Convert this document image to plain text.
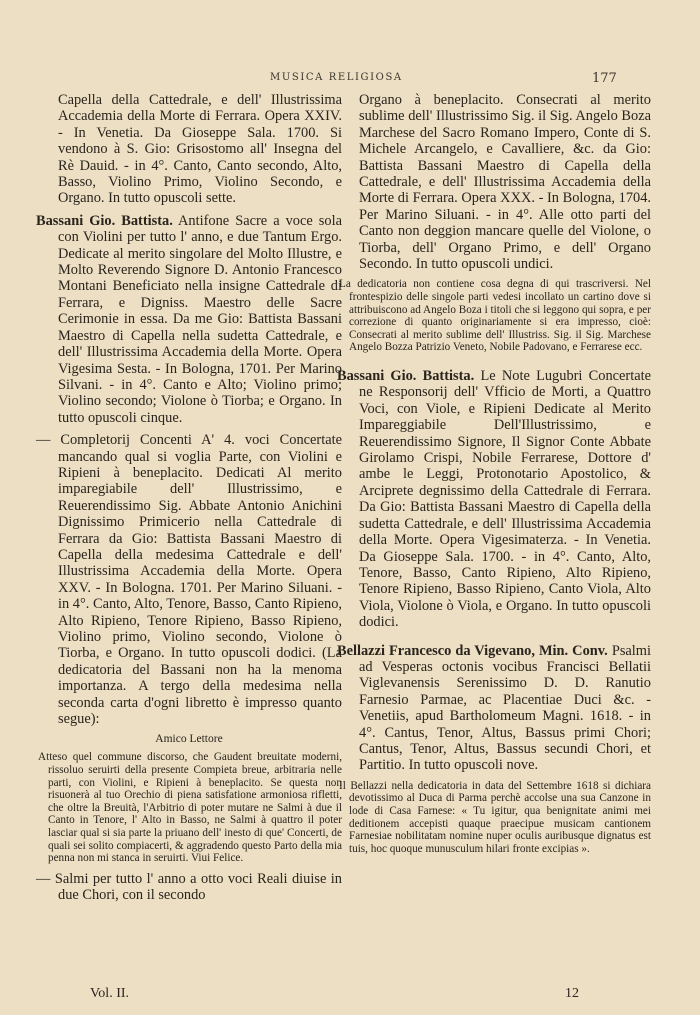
MUSICA RELIGIOSA	177

Capella della Cattedrale, e dell' Illustrissima Accademia della Morte di Ferrara. Opera XXIV. - In Venetia. Da Gioseppe Sala. 1700. Si vendono à S. Gio: Grisostomo all' Insegna del Rè Dauid. - in 4°. Canto, Canto secondo, Alto, Basso, Violino Primo, Violino Secondo, e Organo. In tutto opuscoli sette.

Bassani Gio. Battista. Antifone Sacre a voce sola con Violini per tutto l' anno, e due Tantum Ergo. Dedicate al merito singolare del Molto Illustre, e Molto Reverendo Signore D. Antonio Francesco Montani Beneficiato nella insigne Cattedrale di Ferrara, e Digniss. Maestro delle Sacre Cerimonie in essa. Da me Gio: Battista Bassani Maestro di Capella nella sudetta Cattedrale, e dell' Illustrissima Accademia della Morte. Opera Vigesima Sesta. - In Bologna, 1701. Per Marino Silvani. - in 4°. Canto e Alto; Violino primo; Violino secondo; Violone ò Tiorba; e Organo. In tutto opuscoli cinque.

— Completorij Concenti A' 4. voci Concertate mancando qual si voglia Parte, con Violini e Ripieni à beneplacito. Dedicati Al merito imparegiabile dell' Illustrissimo, e Reuerendissimo Sig. Abbate Antonio Anichini Dignissimo Primicerio nella Cattedrale di Ferrara da Gio: Battista Bassani Maestro di Capella della medesima Cattedrale e dell' Illustrissima Accademia della Morte. Opera XXV. - In Bologna. 1701. Per Marino Siluani. - in 4°. Canto, Alto, Tenore, Basso, Canto Ripieno, Alto Ripieno, Tenore Ripieno, Basso Ripieno, Violino primo, Violino secondo, Violone ò Tiorba, e Organo. In tutto opuscoli dodici. (La dedicatoria del Bassani non ha la menoma importanza. A tergo della medesima nella seconda carta d'ogni libretto è impresso quanto segue):

Amico Lettore

Atteso quel commune discorso, che Gaudent breuitate moderni, rissoluo seruirti della presente Compieta breue, arbitraria nelle parti, con Violini, e Ripieni à beneplacito. Se questa non risuonerà al tuo Orechio di piena satisfatione armoniosa rifletti, che oltre la Breuità, l'Arbitrio di poter mutare ne Salmi à due il Canto in Tenore, l' Alto in Basso, ne Salmi à quattro il poter lasciar qual si sia parte la priuano dell' inesto di que' Concerti, de quali sei solito compiacerti, & aggradendo questo Parto della mia penna non mi stanca in seruirti. Viui Felice.

— Salmi per tutto l' anno a otto voci Reali diuise in due Chori, con il secondo

Organo à beneplacito. Consecrati al merito sublime dell' Illustrissimo Sig. il Sig. Angelo Boza Marchese del Sacro Romano Impero, Conte di S. Michele Arcangelo, e Cavalliere, &c. da Gio: Battista Bassani Maestro di Capella della Cattedrale, e dell' Illustrissima Accademia della Morte di Ferrara. Opera XXX. - In Bologna, 1704. Per Marino Siluani. - in 4°. Alle otto parti del Canto non deggion mancare quelle del Violone, o Tiorba, dell' Organo Primo, e dell' Organo Secondo. In tutto opuscoli undici.

La dedicatoria non contiene cosa degna di qui trascriversi. Nel frontespizio delle singole parti vedesi incollato un cartino dove si attribuiscono ad Angelo Boza i titoli che si leggono qui sopra, e per correzione di quanto originariamente si era impresso, cioè: Consecrati al merito sublime dell' Illustriss. Sig. il Sig. Marchese Angelo Bozza Patrizio Veneto, Nobile Padovano, e Ferrarese ecc.

Bassani Gio. Battista. Le Note Lugubri Concertate ne Responsorij dell' Vfficio de Morti, a Quattro Voci, con Viole, e Ripieni Dedicate al Merito Impareggiabile Dell'Illustrissimo, e Reuerendissimo Signore, Il Signor Conte Abbate Girolamo Crispi, Nobile Ferrarese, Dottore d' ambe le Leggi, Protonotario Apostolico, & Arciprete degnissimo della Cattedrale di Ferrara. Da Gio: Battista Bassani Maestro di Capella della sudetta Cattedrale, e dell' Illustrissima Accademia della Morte. Opera Vigesimaterza. - In Venetia. Da Gioseppe Sala. 1700. - in 4°. Canto, Alto, Tenore, Basso, Canto Ripieno, Alto Ripieno, Tenore Ripieno, Basso Ripieno, Canto Viola, Alto Viola, Violone ò Viola, e Organo. In tutto opuscoli dodici.

Bellazzi Francesco da Vigevano, Min. Conv. Psalmi ad Vesperas octonis vocibus Francisci Bellatii Viglevanensis Serenissimo D. D. Ranutio Farnesio Parmae, ac Placentiae Duci &c. - Venetiis, apud Bartholomeum Magni. 1618. - in 4°. Cantus, Tenor, Altus, Bassus primi Chori; Cantus, Tenor, Altus, Bassus secundi Chori, et Partitio. In tutto opuscoli nove.

Il Bellazzi nella dedicatoria in data del Settembre 1618 si dichiara devotissimo al Duca di Parma perchè accolse una sua Canzone in lode di Casa Farnese: « Tu igitur, qua benignitate animi mei deditionem accepisti quaque praecipue musicam cantionem Farnesiae nobilitatam nomine nuper oculis auribusque dignatus est tuis, hoc quoque munusculum hilari fronte excipias ».

Vol. II.	12
